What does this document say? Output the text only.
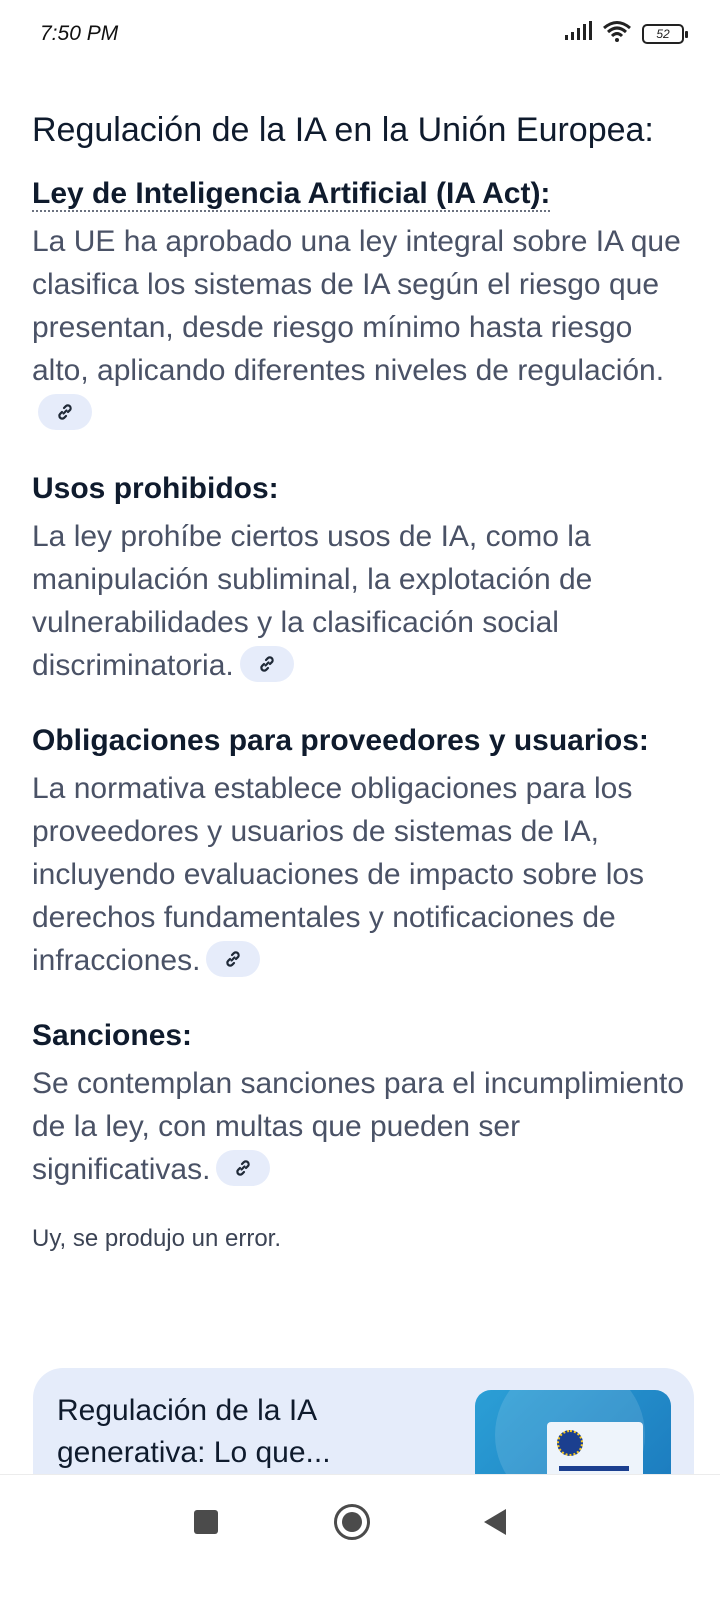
7:50 PM	52
Regulación de la IA en la Unión Europea:

Ley de Inteligencia Artificial (IA Act):

La UE ha aprobado una ley integral sobre IA que clasifica los sistemas de IA según el riesgo que presentan, desde riesgo mínimo hasta riesgo alto, aplicando diferentes niveles de regulación.

Usos prohibidos:

La ley prohíbe ciertos usos de IA, como la manipulación subliminal, la explotación de vulnerabilidades y la clasificación social discriminatoria.

Obligaciones para proveedores y usuarios:

La normativa establece obligaciones para los proveedores y usuarios de sistemas de IA, incluyendo evaluaciones de impacto sobre los derechos fundamentales y notificaciones de infracciones.

Sanciones:

Se contemplan sanciones para el incumplimiento de la ley, con multas que pueden ser significativas.

Uy, se produjo un error.

Regulación de la IA generativa: Lo que...
